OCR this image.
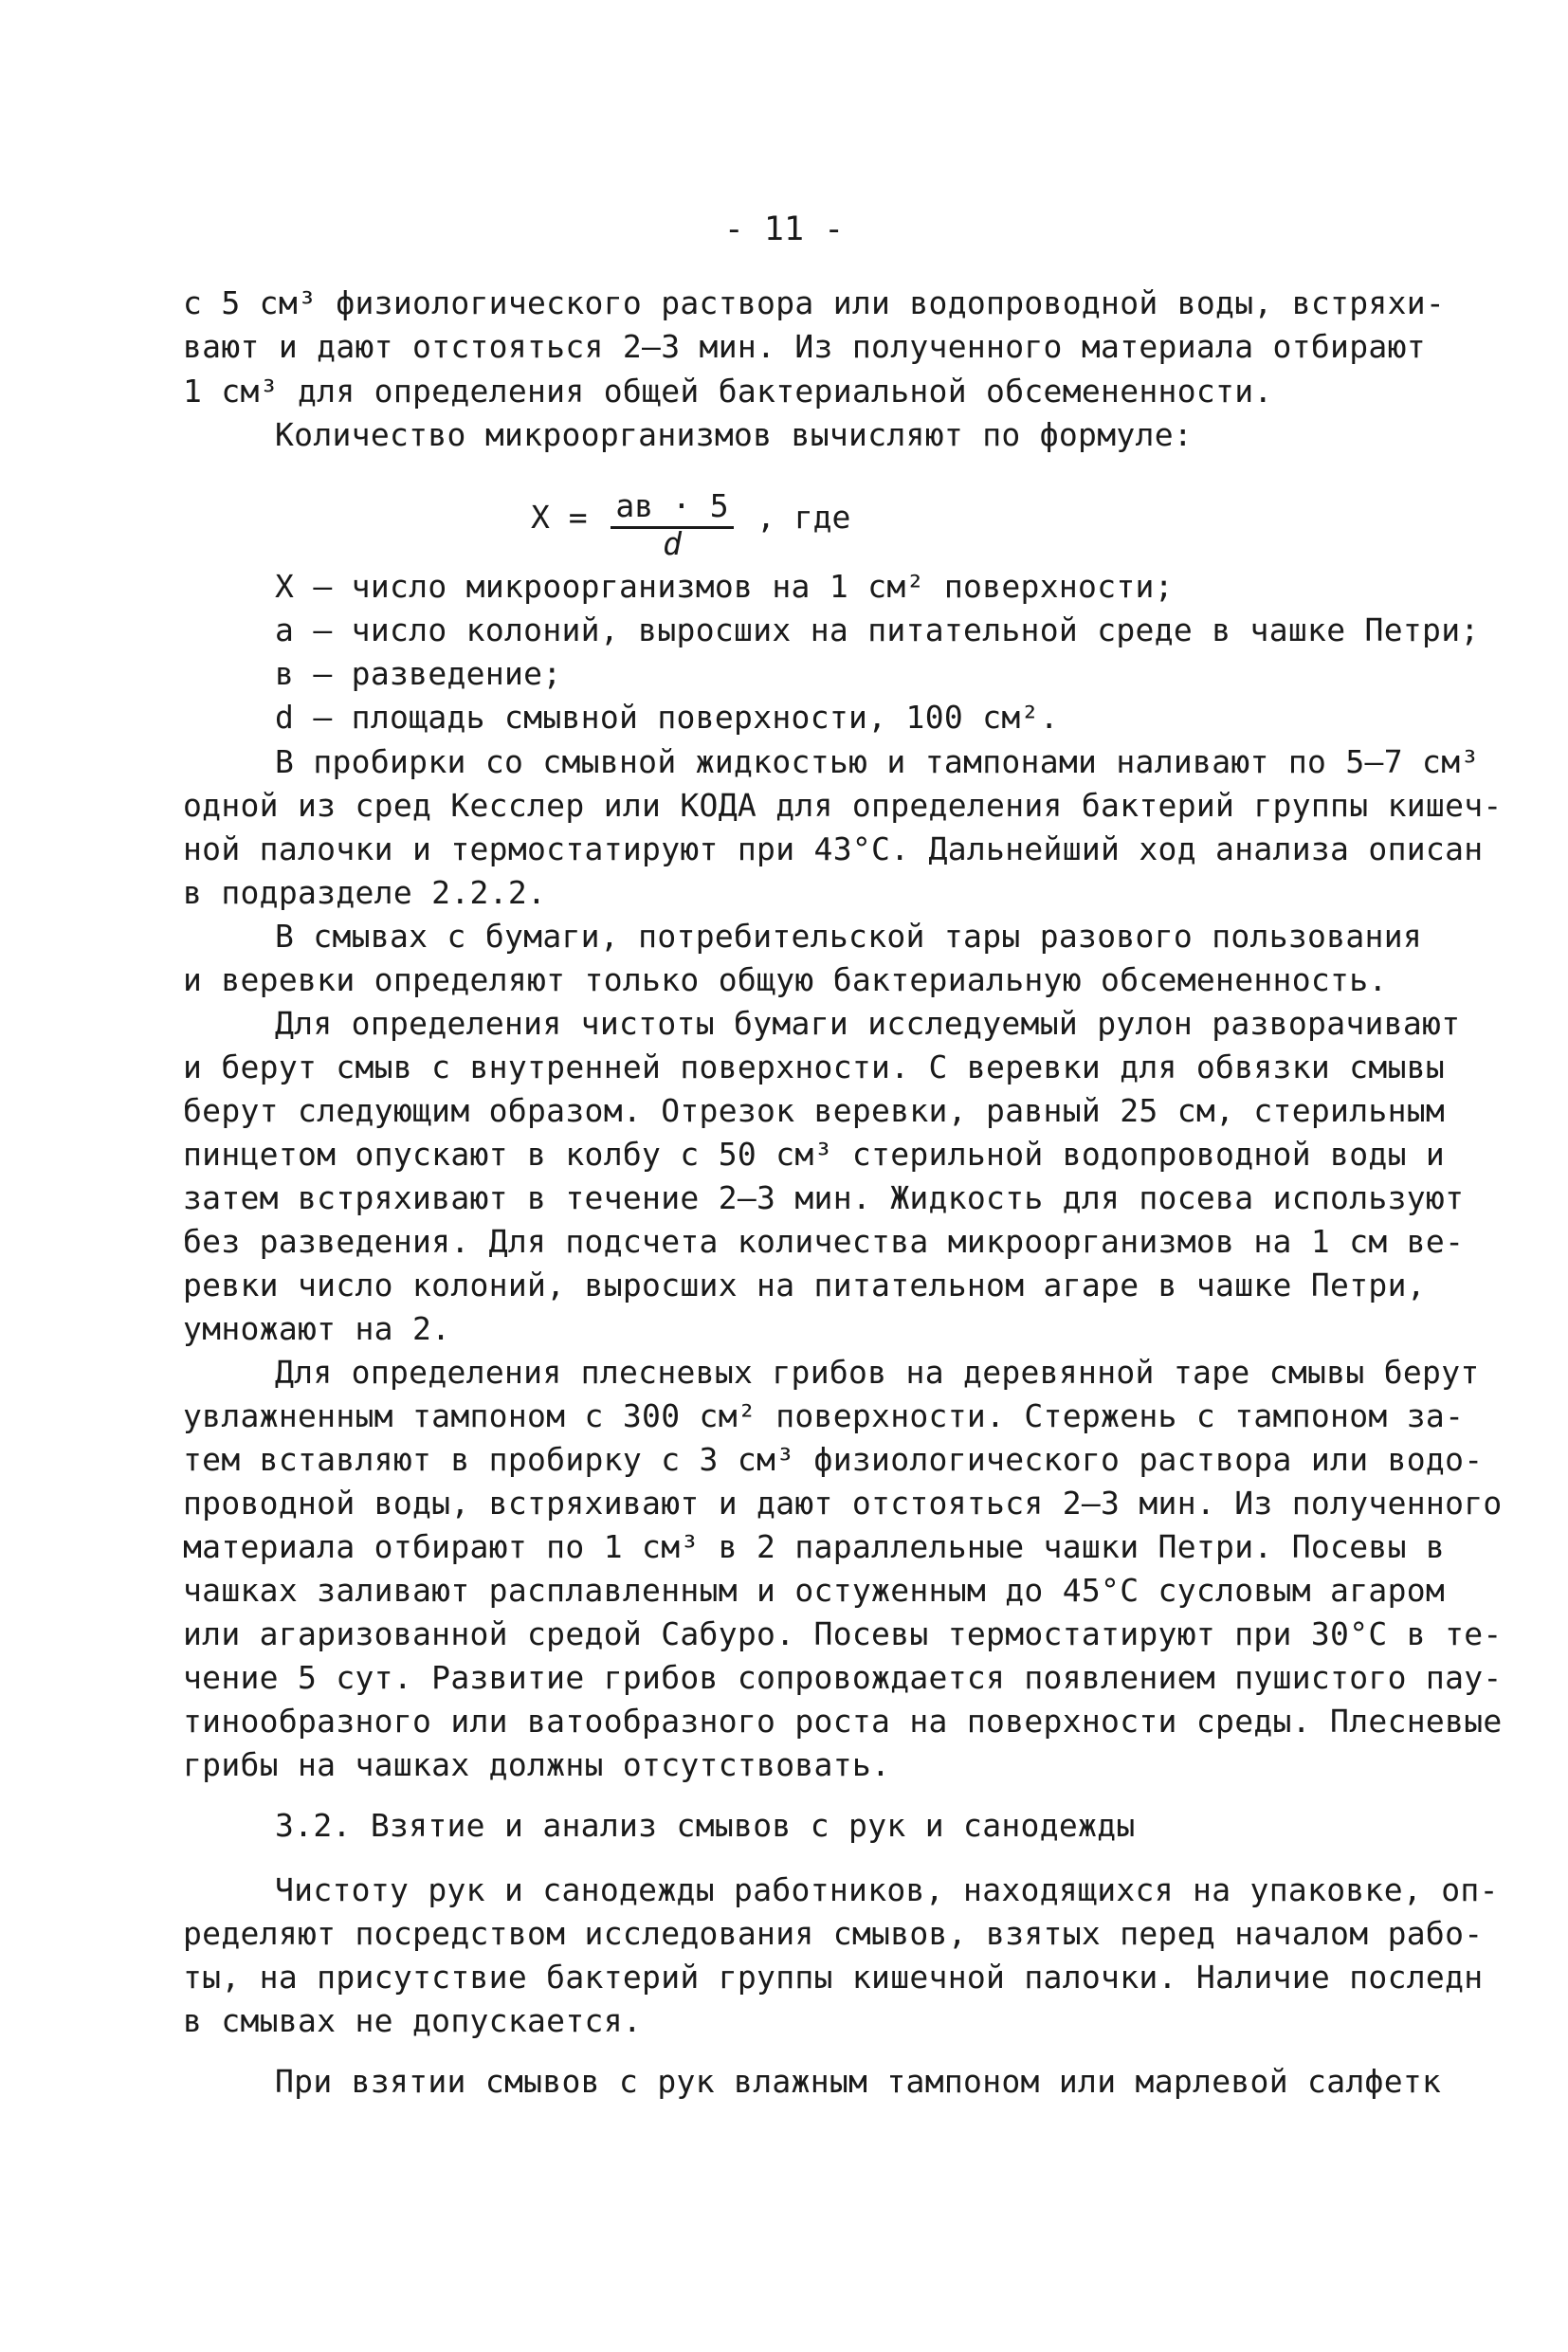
- 11 -
с 5 см³ физиологического раствора или водопроводной воды, встряхи-
вают и дают отстояться 2–3 мин. Из полученного материала отбирают
1 см³ для определения общей бактериальной обсемененности.
Количество микроорганизмов вычисляют по формуле:
X = ав · 5
d
, где
X – число микроорганизмов на 1 см² поверхности;
а – число колоний, выросших на питательной среде в чашке Петри;
в – разведение;
d – площадь смывной поверхности, 100 см².
В пробирки со смывной жидкостью и тампонами наливают по 5–7 см³
одной из сред Кесслер или КОДА для определения бактерий группы кишеч-
ной палочки и термостатируют при 43°С. Дальнейший ход анализа описан
в подразделе 2.2.2.
В смывах с бумаги, потребительской тары разового пользования
и веревки определяют только общую бактериальную обсемененность.
Для определения чистоты бумаги исследуемый рулон разворачивают
и берут смыв с внутренней поверхности. С веревки для обвязки смывы
берут следующим образом. Отрезок веревки, равный 25 см, стерильным
пинцетом опускают в колбу с 50 см³ стерильной водопроводной воды и
затем встряхивают в течение 2–3 мин. Жидкость для посева используют
без разведения. Для подсчета количества микроорганизмов на 1 см ве-
ревки число колоний, выросших на питательном агаре в чашке Петри,
умножают на 2.
Для определения плесневых грибов на деревянной таре смывы берут
увлажненным тампоном с 300 см² поверхности. Стержень с тампоном за-
тем вставляют в пробирку с 3 см³ физиологического раствора или водо-
проводной воды, встряхивают и дают отстояться 2–3 мин. Из полученного
материала отбирают по 1 см³ в 2 параллельные чашки Петри. Посевы в
чашках заливают расплавленным и остуженным до 45°С сусловым агаром
или агаризованной средой Сабуро. Посевы термостатируют при 30°С в те-
чение 5 сут. Развитие грибов сопровождается появлением пушистого пау-
тинообразного или ватообразного роста на поверхности среды. Плесневые
грибы на чашках должны отсутствовать.
3.2. Взятие и анализ смывов с рук и санодежды
Чистоту рук и санодежды работников, находящихся на упаковке, оп-
ределяют посредством исследования смывов, взятых перед началом рабо-
ты, на присутствие бактерий группы кишечной палочки. Наличие последн
в смывах не допускается.
При взятии смывов с рук влажным тампоном или марлевой салфетк
